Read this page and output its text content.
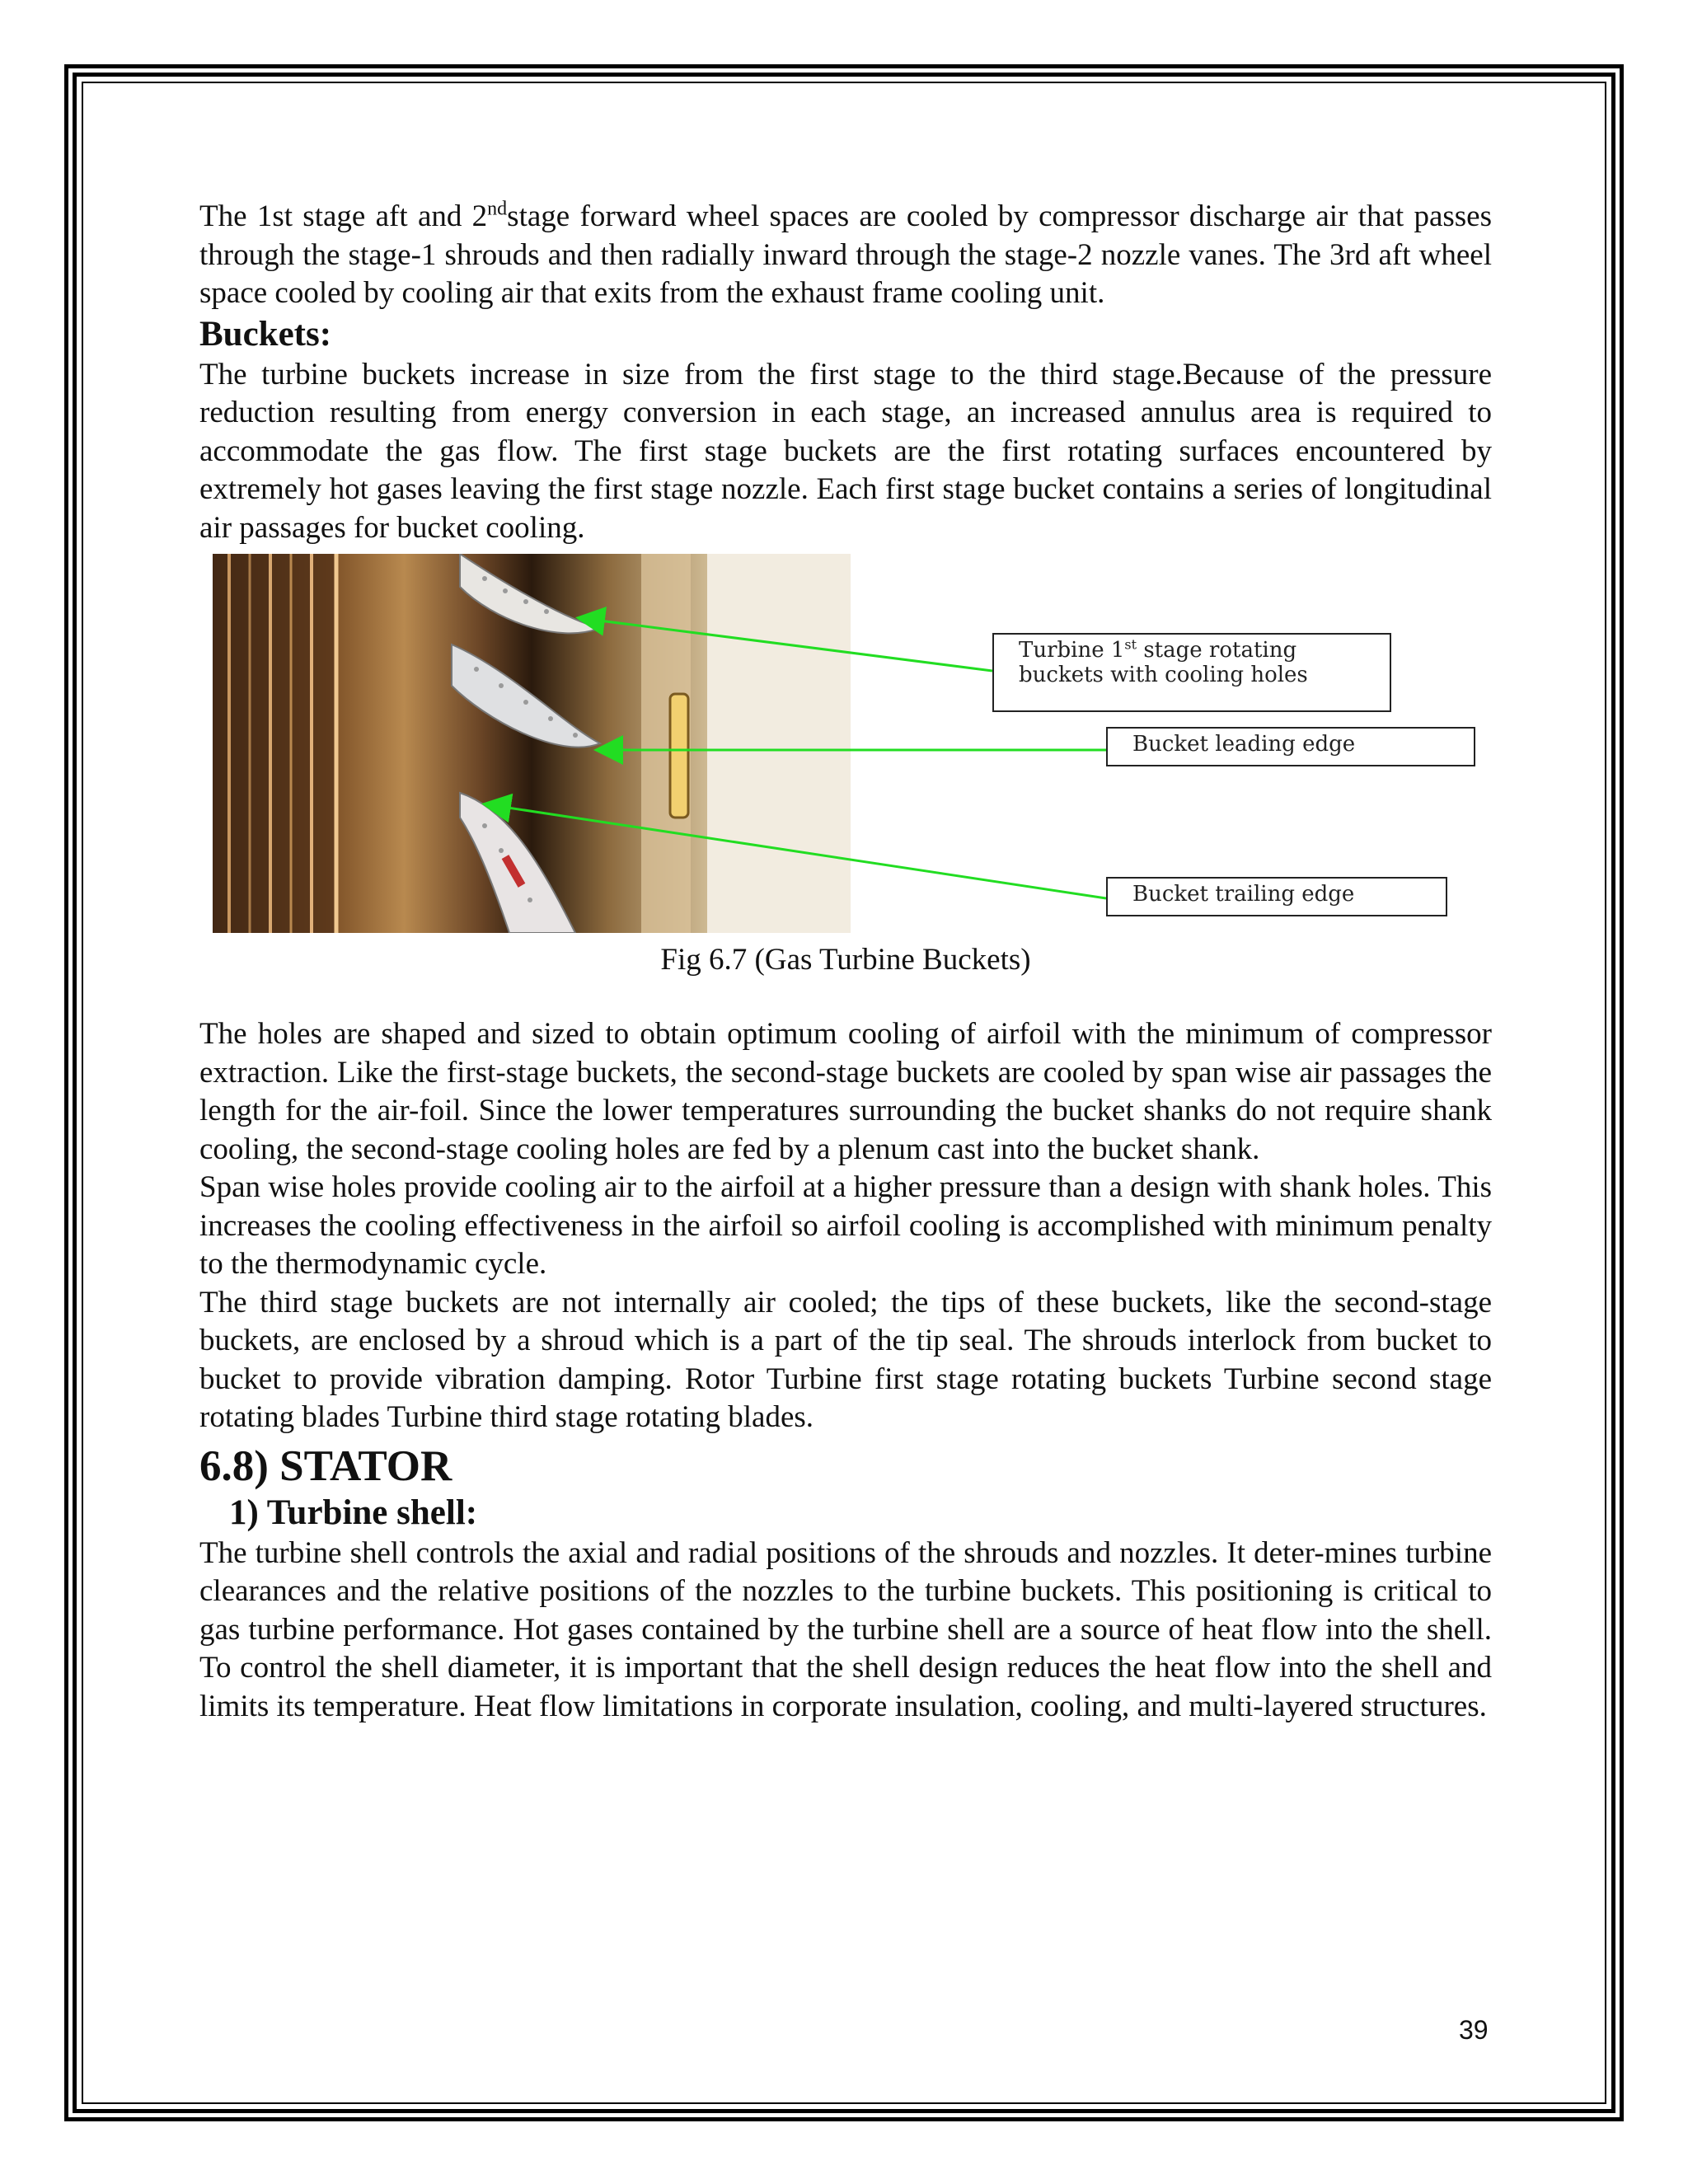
The 1st stage aft and 2ndstage forward wheel spaces are cooled by compressor discharge air that passes through the stage-1 shrouds and then radially inward through the stage-2 nozzle vanes. The 3rd aft wheel space cooled by cooling air that exits from the exhaust frame cooling unit.

Buckets:

The turbine buckets increase in size from the first stage to the third stage.Because of the pressure reduction resulting from energy conversion in each stage, an increased annulus area is required to accommodate the gas flow. The first stage buckets are the first rotating surfaces encountered by extremely hot gases leaving the first stage nozzle. Each first stage bucket contains a series of longitudinal air passages for bucket cooling.

Turbine 1st stage rotating
buckets with cooling holes
Bucket leading edge
Bucket trailing edge
Fig 6.7 (Gas Turbine Buckets)

The holes are shaped and sized to obtain optimum cooling of airfoil with the minimum of compressor extraction. Like the first-stage buckets, the second-stage buckets are cooled by span wise air passages the length for the air-foil. Since the lower temperatures surrounding the bucket shanks do not require shank cooling, the second-stage cooling holes are fed by a plenum cast into the bucket shank.

Span wise holes provide cooling air to the airfoil at a higher pressure than a design with shank holes. This increases the cooling effectiveness in the airfoil so airfoil cooling is accomplished with minimum penalty to the thermodynamic cycle.

The third stage buckets are not internally air cooled; the tips of these buckets, like the second-stage buckets, are enclosed by a shroud which is a part of the tip seal. The shrouds interlock from bucket to bucket to provide vibration damping. Rotor Turbine first stage rotating buckets Turbine second stage rotating blades Turbine third stage rotating blades.

6.8) STATOR
1) Turbine shell:

The turbine shell controls the axial and radial positions of the shrouds and nozzles. It deter-mines turbine clearances and the relative positions of the nozzles to the turbine buckets. This positioning is critical to gas turbine performance. Hot gases contained by the turbine shell are a source of heat flow into the shell. To control the shell diameter, it is important that the shell design reduces the heat flow into the shell and limits its temperature. Heat flow limitations in corporate insulation, cooling, and multi-layered structures.

39
